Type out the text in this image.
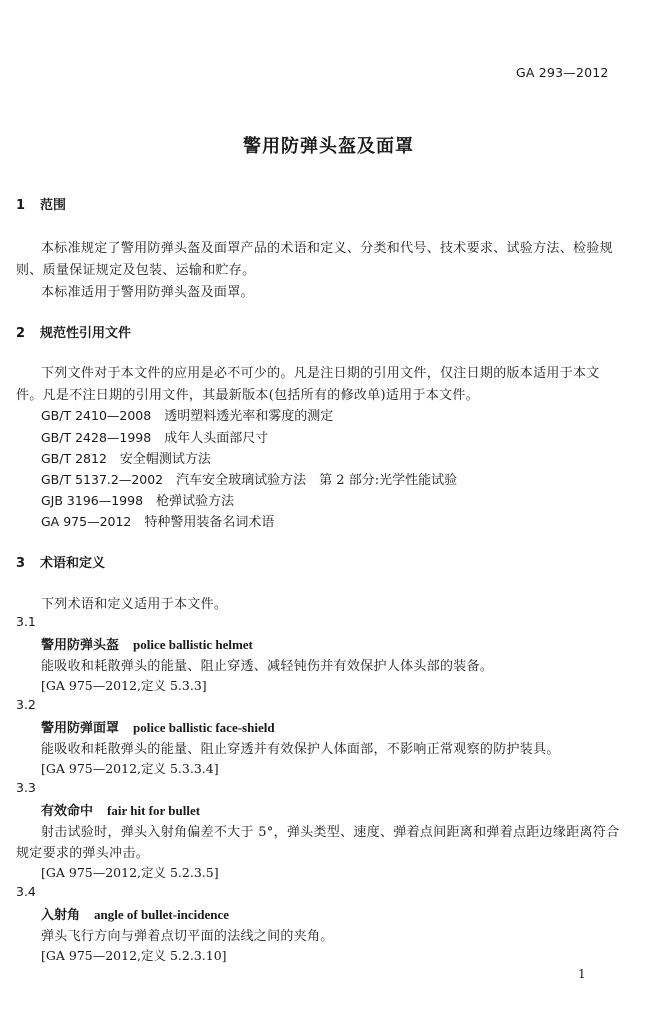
GA 293—2012
警用防弹头盔及面罩
1 范围
本标准规定了警用防弹头盔及面罩产品的术语和定义、分类和代号、技术要求、试验方法、检验规
则、质量保证规定及包装、运输和贮存。
本标准适用于警用防弹头盔及面罩。
2 规范性引用文件
下列文件对于本文件的应用是必不可少的。凡是注日期的引用文件，仅注日期的版本适用于本文
件。凡是不注日期的引用文件，其最新版本(包括所有的修改单)适用于本文件。
GB/T 2410—2008　 透明塑料透光率和雾度的测定
GB/T 2428—1998　 成年人头面部尺寸
GB/T 2812　 安全帽测试方法
GB/T 5137.2—2002　 汽车安全玻璃试验方法　第 2 部分:光学性能试验
GJB 3196—1998　 枪弹试验方法
GA 975—2012　 特种警用装备名词术语
3 术语和定义
下列术语和定义适用于本文件。
3.1
警用防弹头盔 police ballistic helmet
能吸收和耗散弹头的能量、阻止穿透、减轻钝伤并有效保护人体头部的装备。
[GA 975—2012,定义 5.3.3]
3.2
警用防弹面罩 police ballistic face-shield
能吸收和耗散弹头的能量、阻止穿透并有效保护人体面部，不影响正常观察的防护装具。
[GA 975—2012,定义 5.3.3.4]
3.3
有效命中 fair hit for bullet
射击试验时，弹头入射角偏差不大于 5°，弹头类型、速度、弹着点间距离和弹着点距边缘距离符合
规定要求的弹头冲击。
[GA 975—2012,定义 5.2.3.5]
3.4
入射角 angle of bullet-incidence
弹头飞行方向与弹着点切平面的法线之间的夹角。
[GA 975—2012,定义 5.2.3.10]
1
